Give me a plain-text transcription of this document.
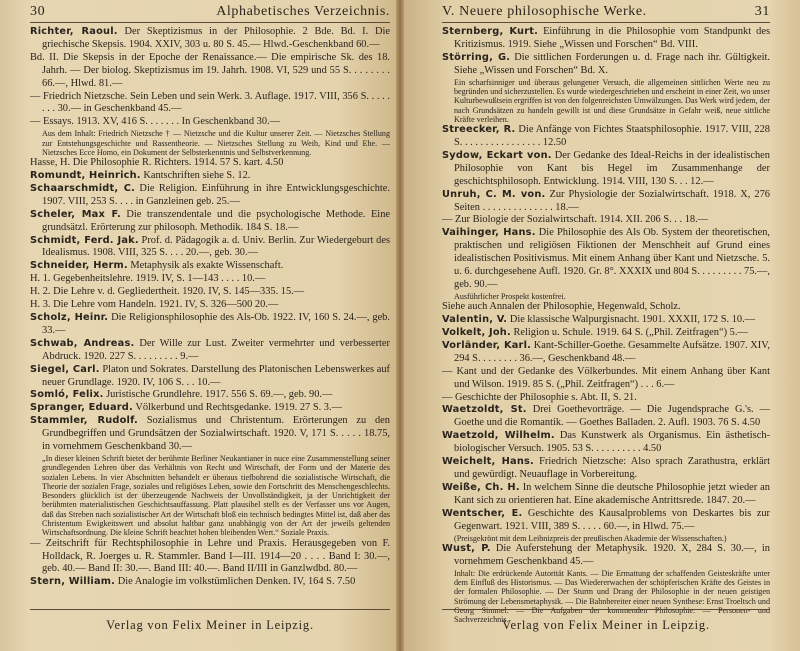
30	Alphabetisches Verzeichnis.

Richter, Raoul. Der Skeptizismus in der Philosophie. 2 Bde. Bd. I. Die griechische Skepsis. 1904. XXIV, 303 u. 80 S. 45.— Hlwd.-Geschenkband 60.—

Bd. II. Die Skepsis in der Epoche der Renaissance.— Die empirische Sk. des 18. Jahrh. — Der biolog. Skeptizismus im 19. Jahrh. 1908. VI, 529 und 55 S. . . . . . . . 66.—, Hlwd. 81.—

— Friedrich Nietzsche. Sein Leben und sein Werk. 3. Auflage. 1917. VIII, 356 S. . . . . . . . 30.— in Geschenkband 45.—

— Essays. 1913. XV, 416 S. . . . . . . In Geschenkband 30.—

Aus dem Inhalt: Friedrich Nietzsche † — Nietzsche und die Kultur unserer Zeit. — Nietzsches Stellung zur Entstehungsgeschichte und Rassentheorie. — Nietzsches Stellung zu Weib, Kind und Ehe. — Nietzsches Ecce Homo, ein Dokument der Selbsterkenntnis und Selbstverkennung.

Hasse, H. Die Philosophie R. Richters. 1914. 57 S. kart. 4.50

Romundt, Heinrich. Kantschriften siehe S. 12.

Schaarschmidt, C. Die Religion. Einführung in ihre Entwicklungsgeschichte. 1907. VIII, 253 S. . . . in Ganzleinen geb. 25.—

Scheler, Max F. Die transzendentale und die psychologische Methode. Eine grundsätzl. Erörterung zur philosoph. Methodik. 184 S. 18.—

Schmidt, Ferd. Jak. Prof. d. Pädagogik a. d. Univ. Berlin. Zur Wiedergeburt des Idealismus. 1908. VIII, 325 S. . . . 20.—, geb. 30.—

Schneider, Herm. Metaphysik als exakte Wissenschaft.

H. 1. Gegebenheitslehre. 1919. IV, S. 1—143 . . . . 10.—

H. 2. Die Lehre v. d. Gegliedertheit. 1920. IV, S. 145—335. 15.—

H. 3. Die Lehre vom Handeln. 1921. IV, S. 326—500 20.—

Scholz, Heinr. Die Religionsphilosophie des Als-Ob. 1922. IV, 160 S. 24.—, geb. 33.—

Schwab, Andreas. Der Wille zur Lust. Zweiter vermehrter und verbesserter Abdruck. 1920. 227 S. . . . . . . . . 9.—

Siegel, Carl. Platon und Sokrates. Darstellung des Platonischen Lebenswerkes auf neuer Grundlage. 1920. IV, 106 S. . . 10.—

Somló, Felix. Juristische Grundlehre. 1917. 556 S. 69.—, geb. 90.—

Spranger, Eduard. Völkerbund und Rechtsgedanke. 1919. 27 S. 3.—

Stammler, Rudolf. Sozialismus und Christentum. Erörterungen zu den Grundbegriffen und Grundsätzen der Sozialwirtschaft. 1920. V, 171 S. . . . . 18.75, in vornehmem Geschenkband 30.—

„In dieser kleinen Schrift bietet der berühmte Berliner Neukantianer in nuce eine Zusammenstellung seiner grundlegenden Lehren über das Verhältnis von Recht und Wirtschaft, der Form und der Materie des sozialen Lebens. In vier Abschnitten behandelt er überaus tiefbohrend die sozialistische Wirtschaft, die Theorie der sozialen Frage, soziales und religiöses Leben, sowie den Fortschritt des Menschengeschlechts. Besonders glücklich ist der überzeugende Nachweis der Unvollständigkeit, ja der Unrichtigkeit der berühmten materialistischen Geschichtsauffassung. Platt plausibel stellt es der Verfasser uns vor Augen, daß das Streben nach sozialistischer Art der Wirtschaft bloß ein technisch bedingtes Mittel ist, daß aber das Christentum Ewigkeitswert und absolut haltbar ganz unabhängig von der Art der jeweils geltenden Wirtschaftsordnung. Die kleine Schrift beachtet hohen bleibenden Wert.“ Soziale Praxis.

— Zeitschrift für Rechtsphilosophie in Lehre und Praxis. Herausgegeben von F. Holldack, R. Joerges u. R. Stammler. Band I—III. 1914—20 . . . . Band I: 30.—, geb. 40.— Band II: 30.—. Band III: 40.—. Band II/III in Ganzlwdbd. 80.—

Stern, William. Die Analogie im volkstümlichen Denken. IV, 164 S. 7.50

Verlag von Felix Meiner in Leipzig.
V. Neuere philosophische Werke.	31

Sternberg, Kurt. Einführung in die Philosophie vom Standpunkt des Kritizismus. 1919. Siehe „Wissen und Forschen“ Bd. VIII.

Störring, G. Die sittlichen Forderungen u. d. Frage nach ihr. Gültigkeit. Siehe „Wissen und Forschen“ Bd. X.

Ein scharfsinniger und überaus gelungener Versuch, die allgemeinen sittlichen Werte neu zu begründen und sicherzustellen. Es wurde wiedergeschrieben und erscheint in einer Zeit, wo unser Kulturbewußtsein ergriffen ist von den folgenreichsten Umwälzungen. Das Werk wird jedem, der nach Grundsätzen zu handeln gewillt ist und diese Grundsätze in Gefahr weiß, neue sittliche Kräfte verleihen.

Streecker, R. Die Anfänge von Fichtes Staatsphilosophie. 1917. VIII, 228 S. . . . . . . . . . . . . . . . 12.50

Sydow, Eckart von. Der Gedanke des Ideal-Reichs in der idealistischen Philosophie von Kant bis Hegel im Zusammenhange der geschichtsphilosoph. Entwicklung. 1914. VIII, 130 S. . . 12.—

Unruh, C. M. von. Zur Physiologie der Sozialwirtschaft. 1918. X, 276 Seiten . . . . . . . . . . . . . . 18.—

— Zur Biologie der Sozialwirtschaft. 1914. XII. 206 S. . . 18.—

Vaihinger, Hans. Die Philosophie des Als Ob. System der theoretischen, praktischen und religiösen Fiktionen der Menschheit auf Grund eines idealistischen Positivismus. Mit einem Anhang über Kant und Nietzsche. 5. u. 6. durchgesehene Aufl. 1920. Gr. 8°. XXXIX und 804 S. . . . . . . . . 75.—, geb. 90.—

Ausführlicher Prospekt kostenfrei.

Siehe auch Annalen der Philosophie, Hegenwald, Scholz.

Valentin, V. Die klassische Walpurgisnacht. 1901. XXXII, 172 S. 10.—

Volkelt, Joh. Religion u. Schule. 1919. 64 S. („Phil. Zeitfragen“) 5.—

Vorländer, Karl. Kant-Schiller-Goethe. Gesammelte Aufsätze. 1907. XIV, 294 S. . . . . . . . 36.—, Geschenkband 48.—

— Kant und der Gedanke des Völkerbundes. Mit einem Anhang über Kant und Wilson. 1919. 85 S. („Phil. Zeitfragen“) . . . 6.—

— Geschichte der Philosophie s. Abt. II, S. 21.

Waetzoldt, St. Drei Goethevorträge. — Die Jugendsprache G.'s. — Goethe und die Romantik. — Goethes Balladen. 2. Aufl. 1903. 76 S. 4.50

Waetzold, Wilhelm. Das Kunstwerk als Organismus. Ein ästhetisch-biologischer Versuch. 1905. 53 S. . . . . . . . . . 4.50

Weichelt, Hans. Friedrich Nietzsche: Also sprach Zarathustra, erklärt und gewürdigt. Neuauflage in Vorbereitung.

Weiße, Ch. H. In welchem Sinne die deutsche Philosophie jetzt wieder an Kant sich zu orientieren hat. Eine akademische Antrittsrede. 1847. 20.—

Wentscher, E. Geschichte des Kausalproblems von Deskartes bis zur Gegenwart. 1921. VIII, 389 S. . . . . 60.—, in Hlwd. 75.—

(Preisgekrönt mit dem Leibnizpreis der preußischen Akademie der Wissenschaften.)

Wust, P. Die Auferstehung der Metaphysik. 1920. X, 284 S. 30.—, in vornehmem Geschenkband 45.—

Inhalt: Die erdrückende Autorität Kants. — Die Ermattung der schaffenden Geisteskräfte unter dem Einfluß des Historismus. — Das Wiedererwachen der schöpferischen Kräfte des Geistes in der formalen Philosophie. — Der Sturm und Drang der Philosophie in der neuen geistigen Strömung der Lebensmetaphysik. — Die Bahnbereiter einer neuen Synthese: Ernst Troeltsch und Georg Simmel. — Die Aufgaben der kommenden Philosophie. — Personen- und Sachverzeichnis.

Verlag von Felix Meiner in Leipzig.
